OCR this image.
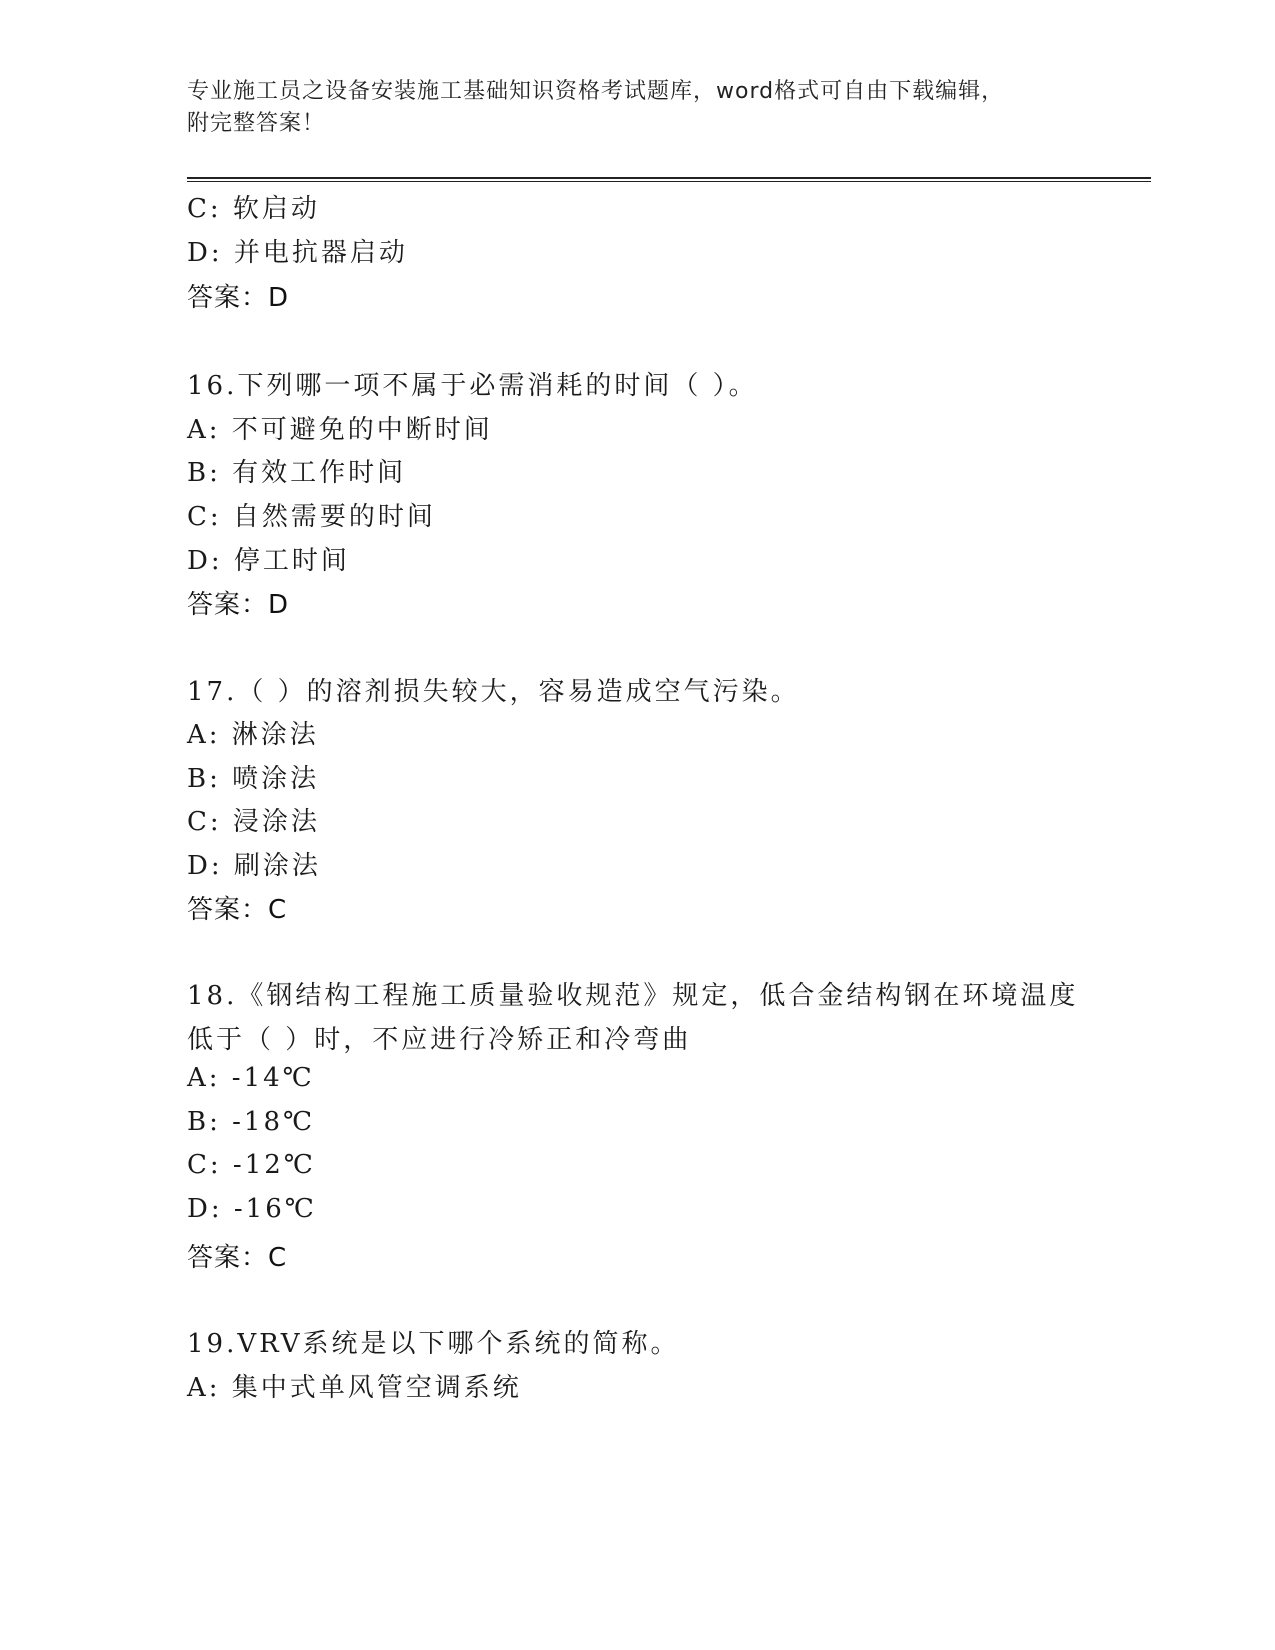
专业施工员之设备安装施工基础知识资格考试题库，word格式可自由下载编辑，
附完整答案！
C: 软启动
D: 并电抗器启动
答案：D
16.下列哪一项不属于必需消耗的时间（ ）。
A: 不可避免的中断时间
B: 有效工作时间
C: 自然需要的时间
D: 停工时间
答案：D
17.（ ）的溶剂损失较大，容易造成空气污染。
A: 淋涂法
B: 喷涂法
C: 浸涂法
D: 刷涂法
答案：C
18.《钢结构工程施工质量验收规范》规定，低合金结构钢在环境温度
低于（ ）时，不应进行冷矫正和冷弯曲
A: -14℃
B: -18℃
C: -12℃
D: -16℃
答案：C
19.VRV系统是以下哪个系统的简称。
A: 集中式单风管空调系统
